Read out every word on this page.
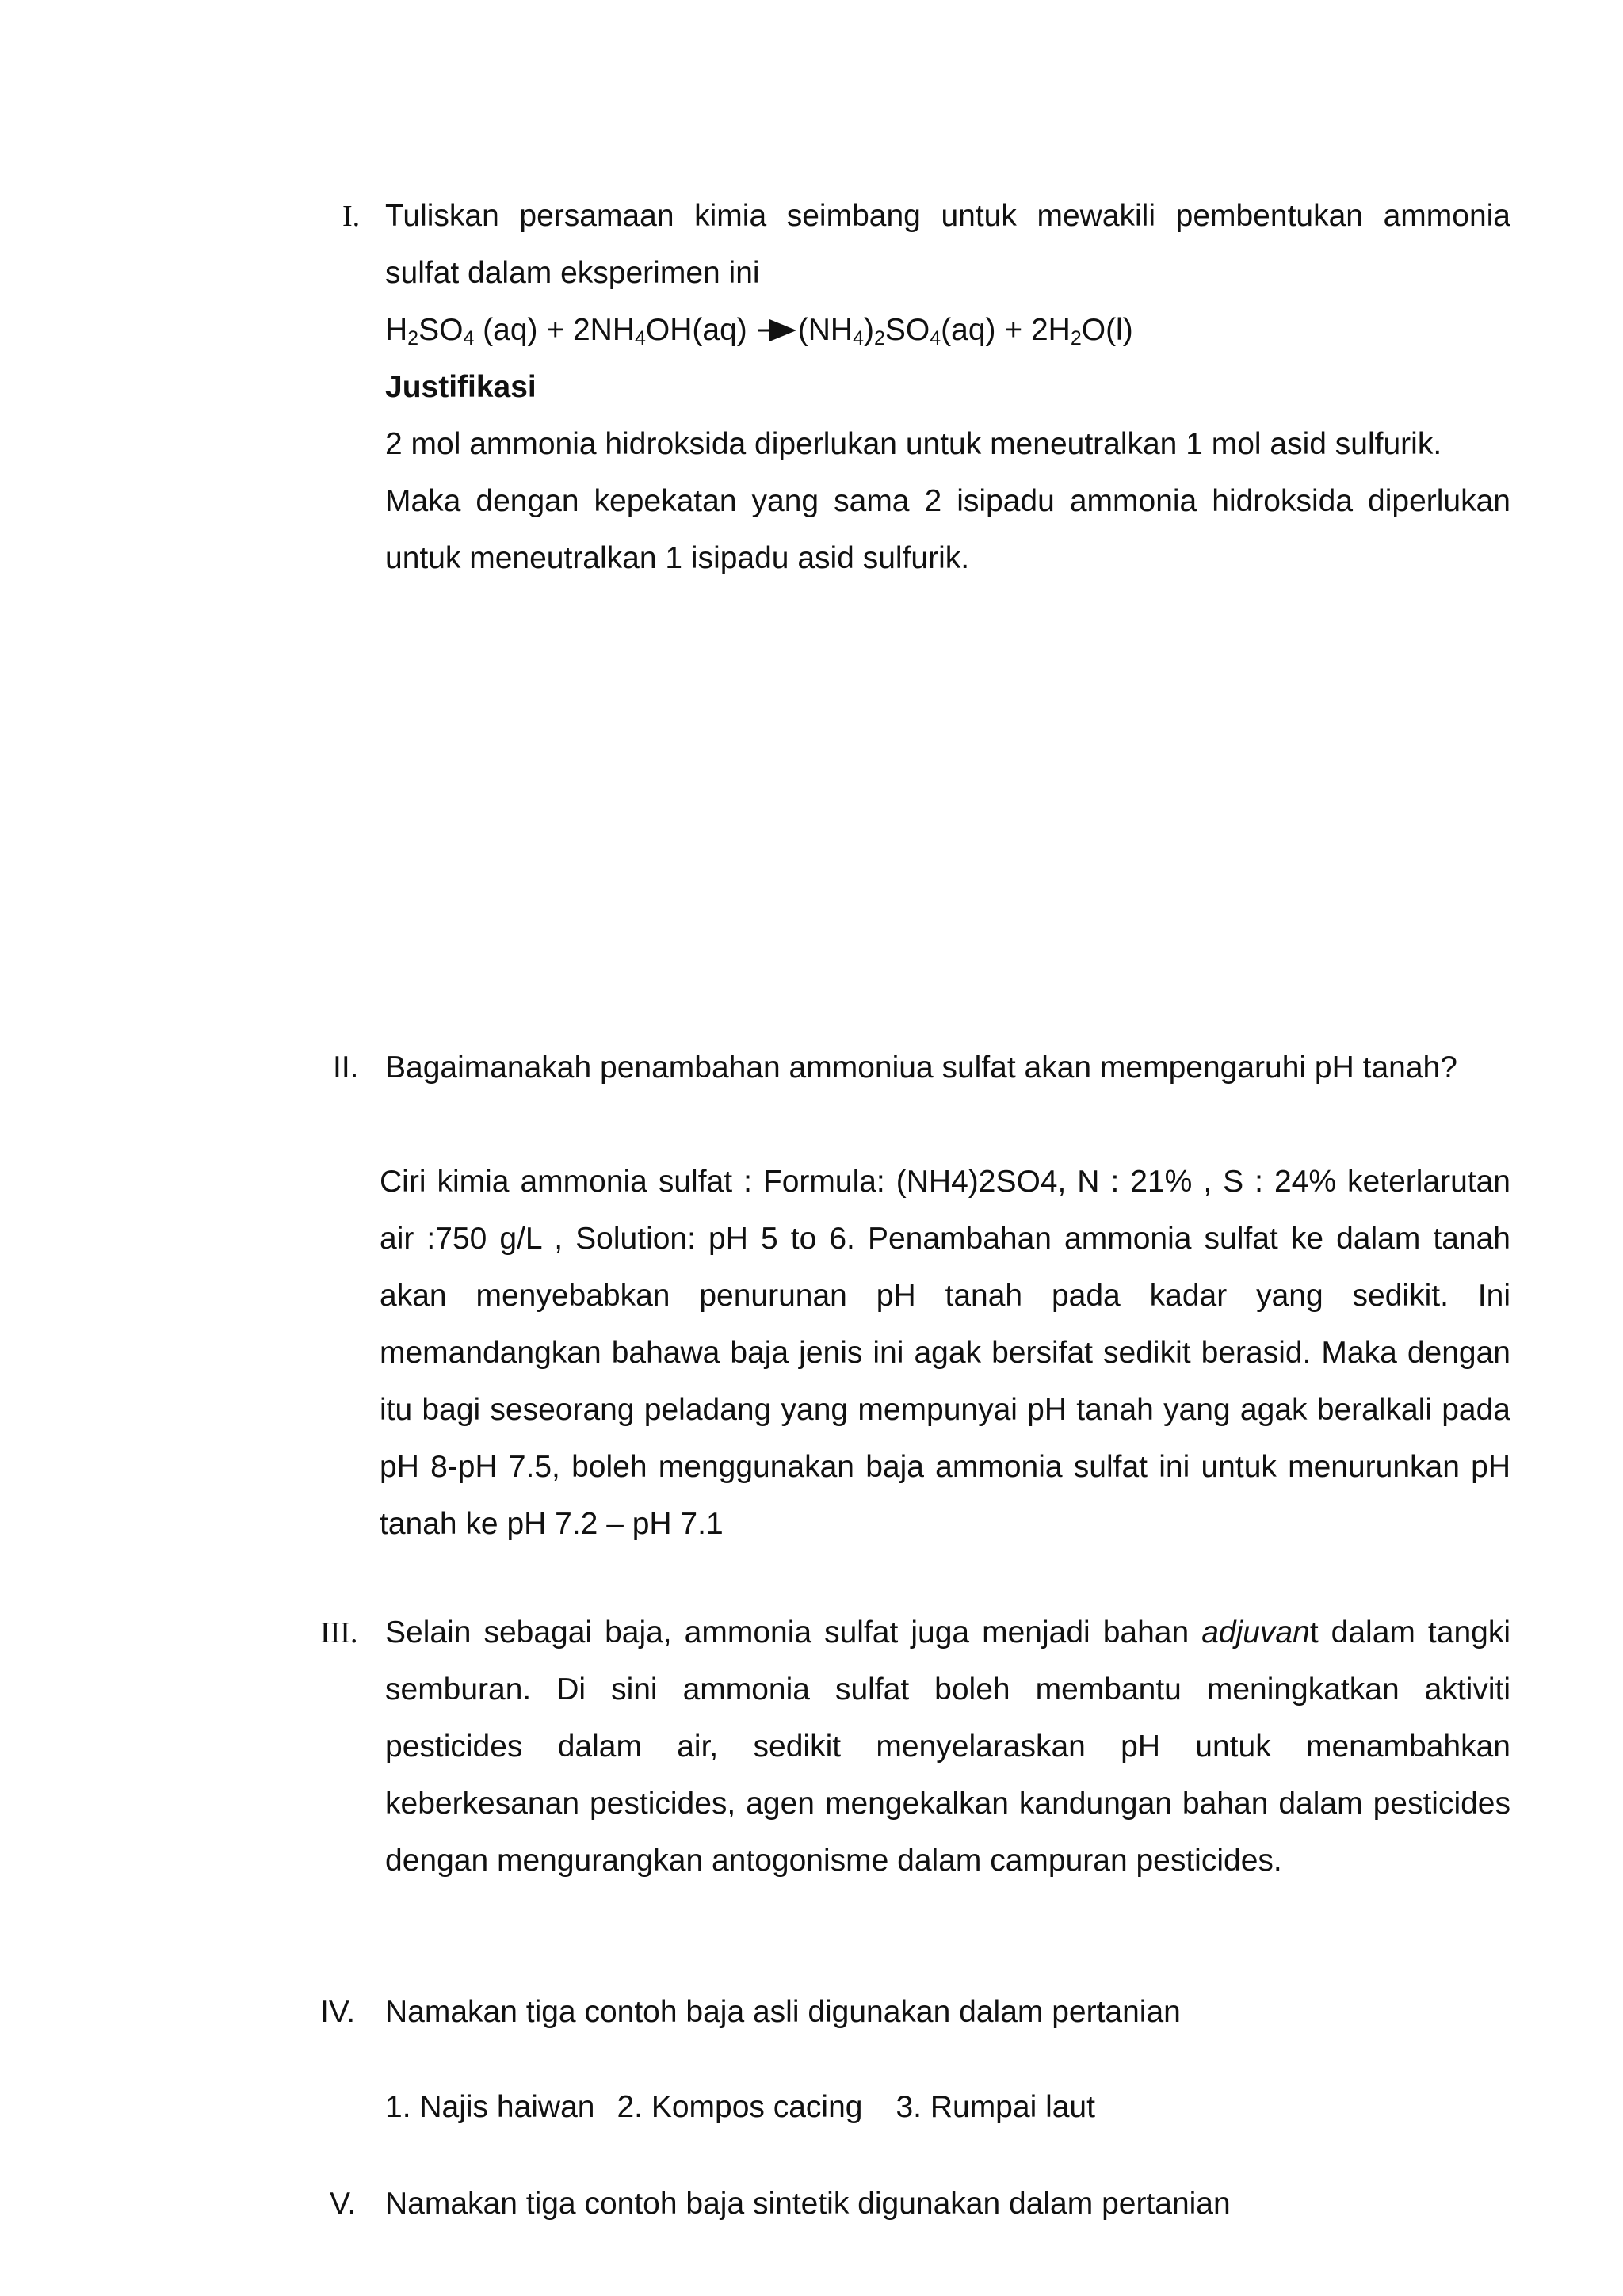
I. Tuliskan persamaan kimia seimbang untuk mewakili pembentukan ammonia sulfat dalam eksperimen ini

$H_2SO_4$ $(aq) + 2NH_4OH(aq) (NH_4)_2SO_4(aq) + 2H_2O(l)$

Justifikasi

2 mol ammonia hidroksida diperlukan untuk meneutralkan 1 mol asid sulfurik.

Maka dengan kepekatan yang sama 2 isipadu ammonia hidroksida diperlukan untuk meneutralkan 1 isipadu asid sulfurik.

II. Bagaimanakah penambahan ammoniua sulfat akan mempengaruhi pH tanah?

Ciri kimia ammonia sulfat : Formula: (NH4)2SO4, N : 21% , S : 24% keterlarutan air :750 g/L , Solution: pH 5 to 6. Penambahan ammonia sulfat ke dalam tanah akan menyebabkan penurunan pH tanah pada kadar yang sedikit. Ini memandangkan bahawa baja jenis ini agak bersifat sedikit berasid. Maka dengan itu bagi seseorang peladang yang mempunyai pH tanah yang agak beralkali pada pH 8-pH 7.5, boleh menggunakan baja ammonia sulfat ini untuk menurunkan pH tanah ke pH 7.2 – pH 7.1

III. Selain sebagai baja, ammonia sulfat juga menjadi bahan adjuvant dalam tangki semburan. Di sini ammonia sulfat boleh membantu meningkatkan aktiviti pesticides dalam air, sedikit menyelaraskan pH untuk menambahkan keberkesanan pesticides, agen mengekalkan kandungan bahan dalam pesticides dengan mengurangkan antogonisme dalam campuran pesticides.

IV. Namakan tiga contoh baja asli digunakan dalam pertanian

1. Najis haiwan 2. Kompos cacing 3. Rumpai laut
V. Namakan tiga contoh baja sintetik digunakan dalam pertanian
